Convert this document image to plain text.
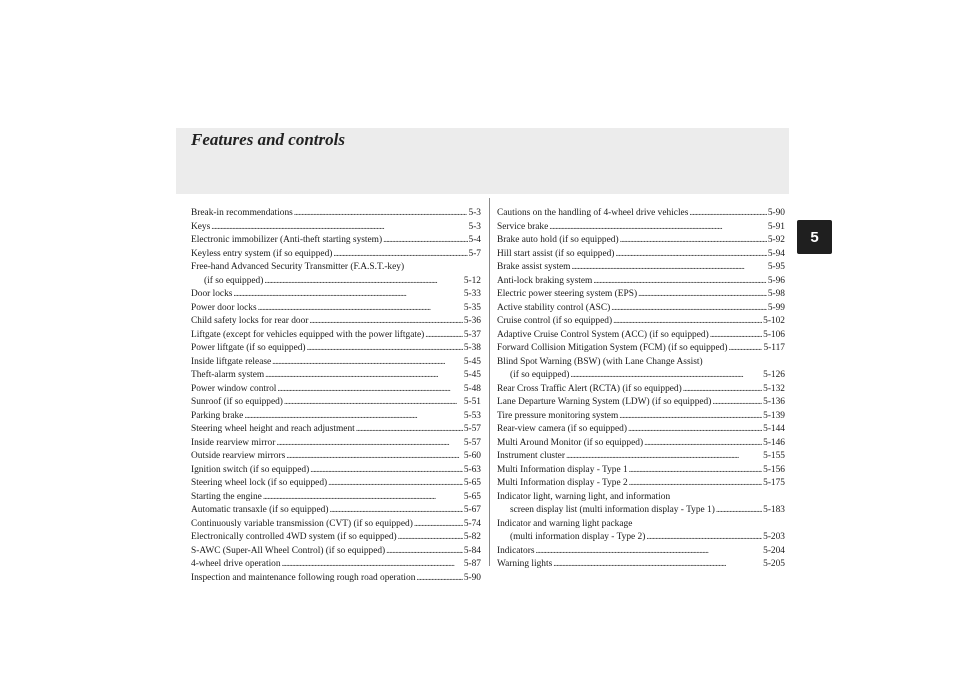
Features and controls
5
Break-in recommendations . . .	5-3
Keys . . .	5-3
Electronic immobilizer (Anti-theft starting system) . . .	5-4
Keyless entry system (if so equipped) . . .	5-7
Free-hand Advanced Security Transmitter (F.A.S.T.-key)
(if so equipped) . . .	5-12
Door locks . . .	5-33
Power door locks . . .	5-35
Child safety locks for rear door . . .	5-36
Liftgate (except for vehicles equipped with the power liftgate) . . .	5-37
Power liftgate (if so equipped) . . .	5-38
Inside liftgate release . . .	5-45
Theft-alarm system . . .	5-45
Power window control . . .	5-48
Sunroof (if so equipped) . . .	5-51
Parking brake . . .	5-53
Steering wheel height and reach adjustment . . .	5-57
Inside rearview mirror . . .	5-57
Outside rearview mirrors . . .	5-60
Ignition switch (if so equipped) . . .	5-63
Steering wheel lock (if so equipped) . . .	5-65
Starting the engine . . .	5-65
Automatic transaxle (if so equipped) . . .	5-67
Continuously variable transmission (CVT) (if so equipped) . . .	5-74
Electronically controlled 4WD system (if so equipped) . . .	5-82
S-AWC (Super-All Wheel Control) (if so equipped) . . .	5-84
4-wheel drive operation . . .	5-87
Inspection and maintenance following rough road operation . . .	5-90
Cautions on the handling of 4-wheel drive vehicles . . .	5-90
Service brake . . .	5-91
Brake auto hold (if so equipped) . . .	5-92
Hill start assist (if so equipped) . . .	5-94
Brake assist system . . .	5-95
Anti-lock braking system . . .	5-96
Electric power steering system (EPS) . . .	5-98
Active stability control (ASC) . . .	5-99
Cruise control (if so equipped) . . .	5-102
Adaptive Cruise Control System (ACC) (if so equipped) . . .	5-106
Forward Collision Mitigation System (FCM) (if so equipped) . . .	5-117
Blind Spot Warning (BSW) (with Lane Change Assist)
(if so equipped) . . .	5-126
Rear Cross Traffic Alert (RCTA) (if so equipped) . . .	5-132
Lane Departure Warning System (LDW) (if so equipped) . . .	5-136
Tire pressure monitoring system . . .	5-139
Rear-view camera (if so equipped) . . .	5-144
Multi Around Monitor (if so equipped) . . .	5-146
Instrument cluster . . .	5-155
Multi Information display - Type 1 . . .	5-156
Multi Information display - Type 2 . . .	5-175
Indicator light, warning light, and information
screen display list (multi information display - Type 1) . . .	5-183
Indicator and warning light package
(multi information display - Type 2) . . .	5-203
Indicators . . .	5-204
Warning lights . . .	5-205
